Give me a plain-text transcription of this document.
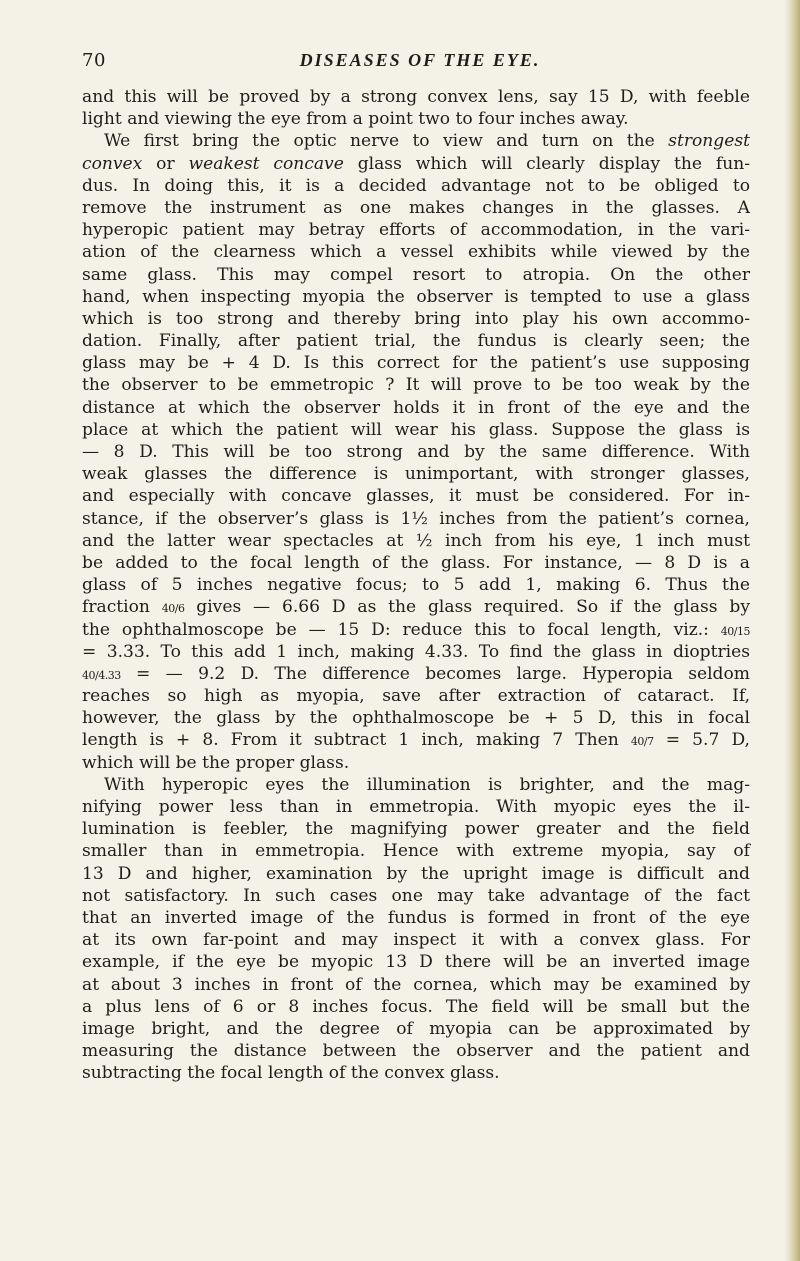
70	DISEASES OF THE EYE.
and this will be proved by a strong convex lens, say 15 D, with feeble
light and viewing the eye from a point two to four inches away.
We first bring the optic nerve to view and turn on the strongest
convex or weakest concave glass which will clearly display the fun-
dus. In doing this, it is a decided advantage not to be obliged to
remove the instrument as one makes changes in the glasses. A
hyperopic patient may betray efforts of accommodation, in the vari-
ation of the clearness which a vessel exhibits while viewed by the
same glass. This may compel resort to atropia. On the other
hand, when inspecting myopia the observer is tempted to use a glass
which is too strong and thereby bring into play his own accommo-
dation. Finally, after patient trial, the fundus is clearly seen; the
glass may be + 4 D. Is this correct for the patient’s use supposing
the observer to be emmetropic ? It will prove to be too weak by the
distance at which the observer holds it in front of the eye and the
place at which the patient will wear his glass. Suppose the glass is
— 8 D. This will be too strong and by the same difference. With
weak glasses the difference is unimportant, with stronger glasses,
and especially with concave glasses, it must be considered. For in-
stance, if the observer’s glass is 1½ inches from the patient’s cornea,
and the latter wear spectacles at ½ inch from his eye, 1 inch must
be added to the focal length of the glass. For instance, — 8 D is a
glass of 5 inches negative focus; to 5 add 1, making 6. Thus the
fraction 40/6 gives — 6.66 D as the glass required. So if the glass by
the ophthalmoscope be — 15 D: reduce this to focal length, viz.: 40/15
= 3.33. To this add 1 inch, making 4.33. To find the glass in dioptries
40/4.33 = — 9.2 D. The difference becomes large. Hyperopia seldom
reaches so high as myopia, save after extraction of cataract. If,
however, the glass by the ophthalmoscope be + 5 D, this in focal
length is + 8. From it subtract 1 inch, making 7 Then 40/7 = 5.7 D,
which will be the proper glass.
With hyperopic eyes the illumination is brighter, and the mag-
nifying power less than in emmetropia. With myopic eyes the il-
lumination is feebler, the magnifying power greater and the field
smaller than in emmetropia. Hence with extreme myopia, say of
13 D and higher, examination by the upright image is difficult and
not satisfactory. In such cases one may take advantage of the fact
that an inverted image of the fundus is formed in front of the eye
at its own far-point and may inspect it with a convex glass. For
example, if the eye be myopic 13 D there will be an inverted image
at about 3 inches in front of the cornea, which may be examined by
a plus lens of 6 or 8 inches focus. The field will be small but the
image bright, and the degree of myopia can be approximated by
measuring the distance between the observer and the patient and
subtracting the focal length of the convex glass.
